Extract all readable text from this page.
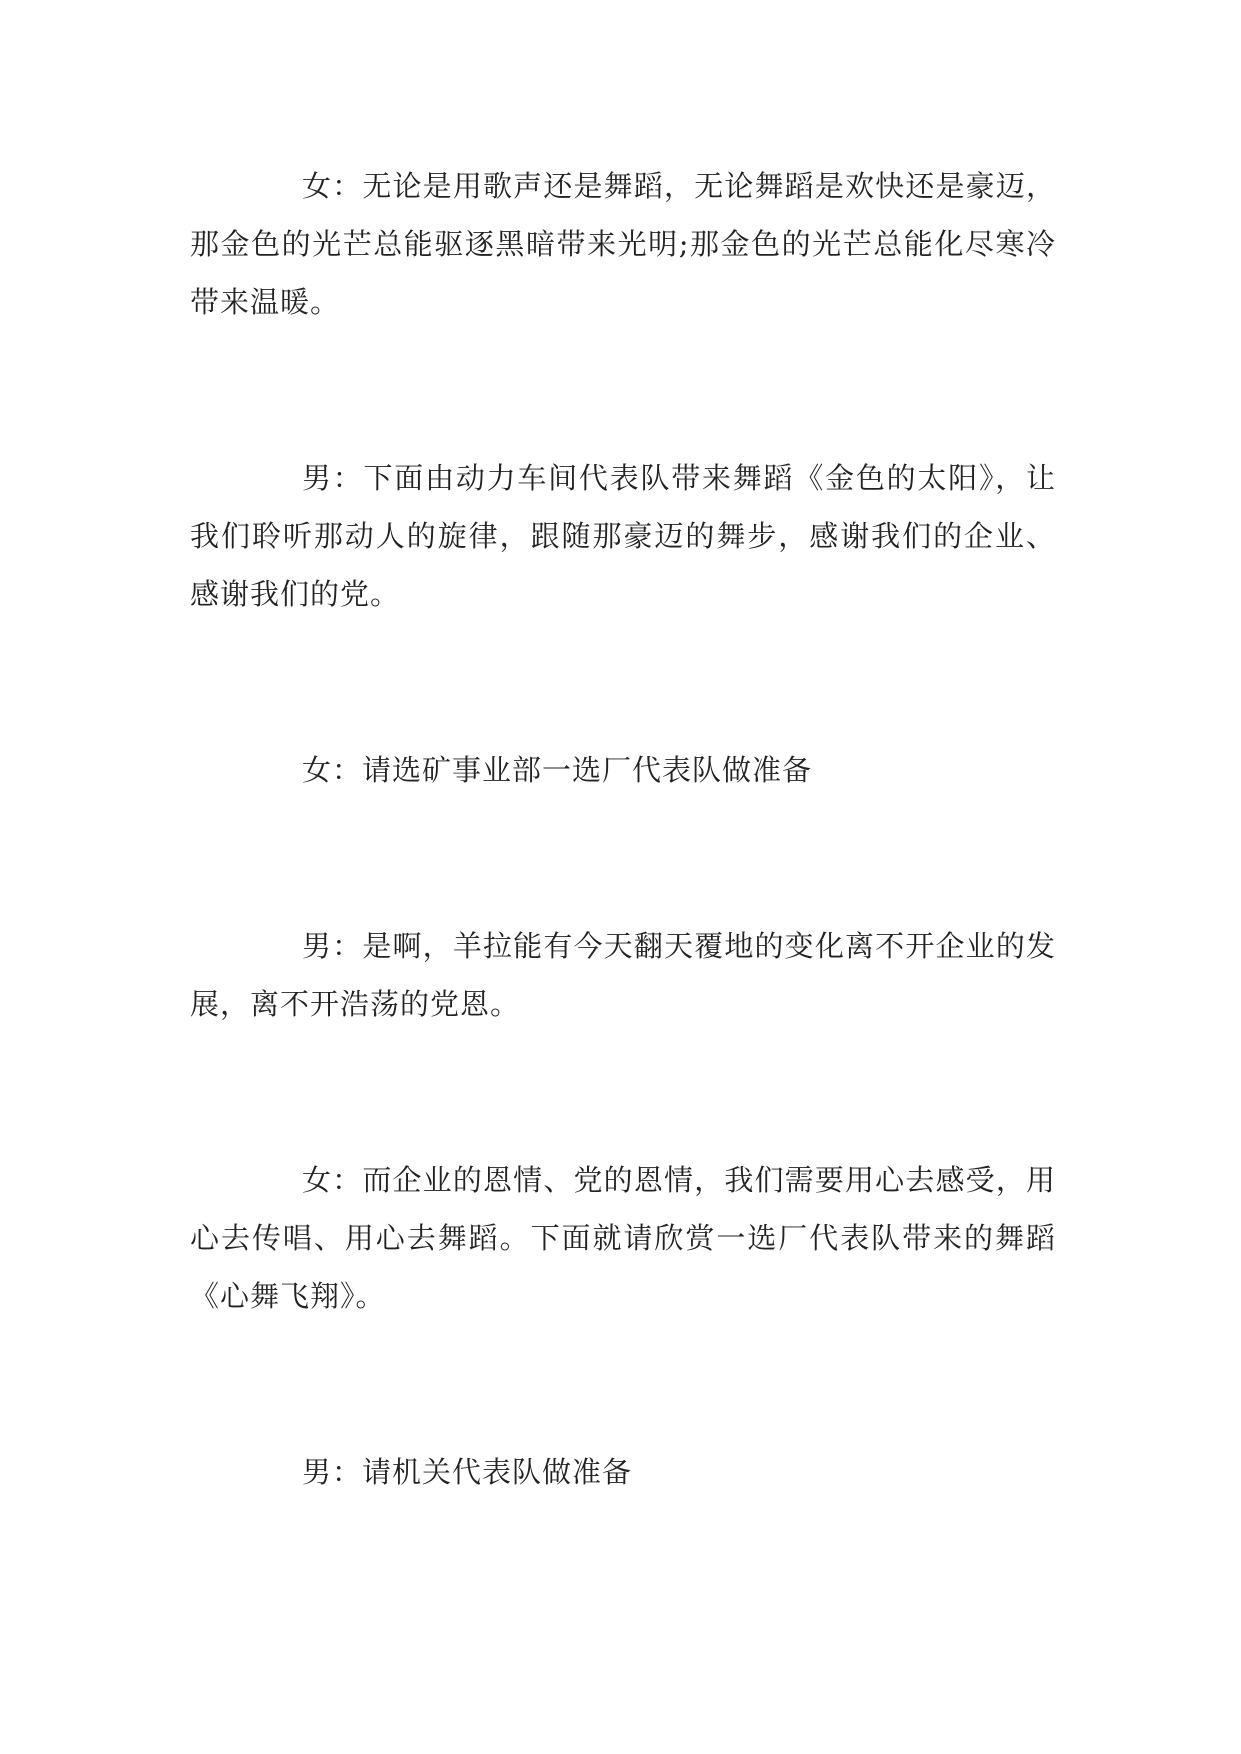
女：无论是用歌声还是舞蹈，无论舞蹈是欢快还是豪迈，那金色的光芒总能驱逐黑暗带来光明;那金色的光芒总能化尽寒冷带来温暖。

男：下面由动力车间代表队带来舞蹈《金色的太阳》，让我们聆听那动人的旋律，跟随那豪迈的舞步，感谢我们的企业、感谢我们的党。

女：请选矿事业部一选厂代表队做准备

男：是啊，羊拉能有今天翻天覆地的变化离不开企业的发展，离不开浩荡的党恩。

女：而企业的恩情、党的恩情，我们需要用心去感受，用心去传唱、用心去舞蹈。下面就请欣赏一选厂代表队带来的舞蹈《心舞飞翔》。

男：请机关代表队做准备
